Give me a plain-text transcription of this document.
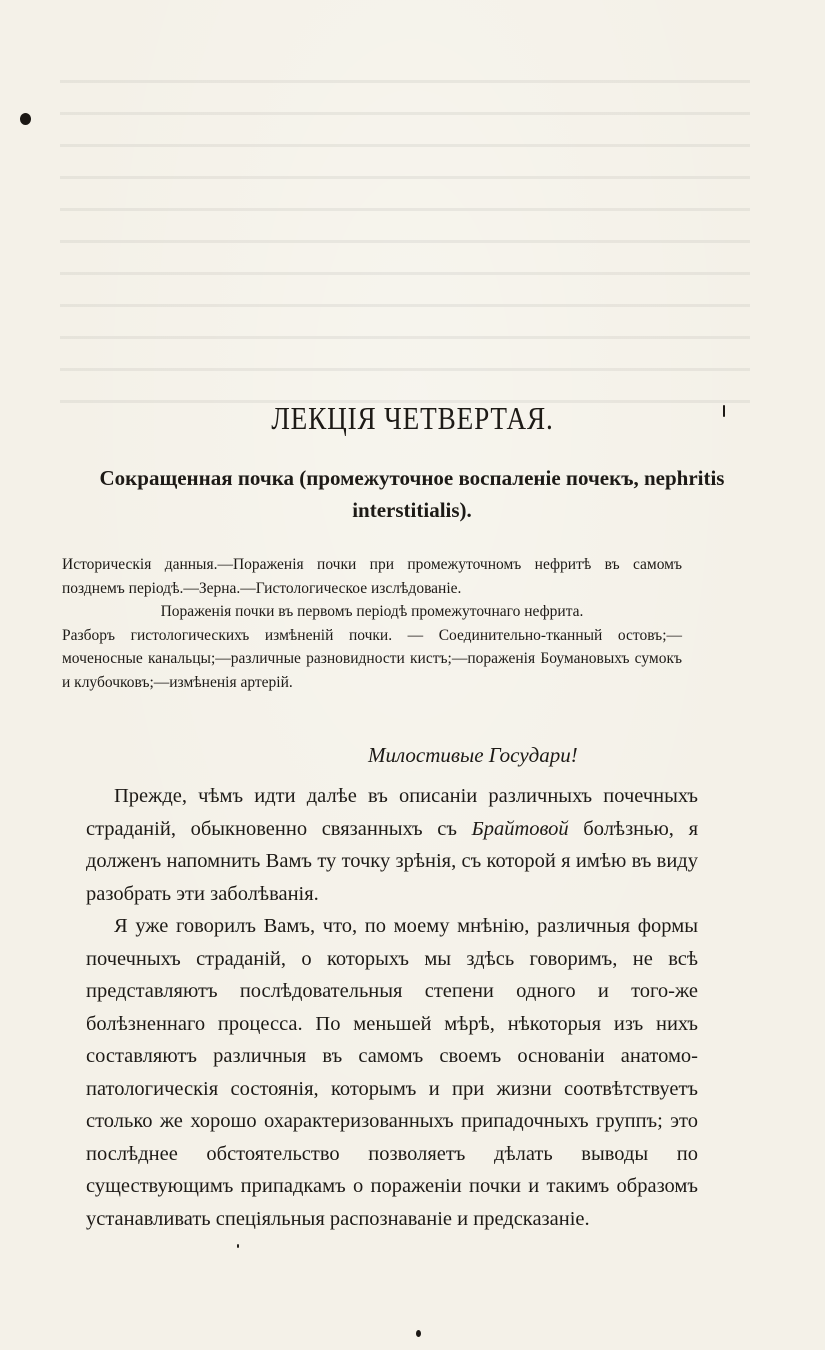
ЛЕКЦIЯ ЧЕТВЕРТАЯ.
Сокращенная почка (промежуточное воспаленіе почекъ, nephritis interstitialis).
Историческія данныя.—Пораженія почки при промежуточномъ нефритѣ въ самомъ позднемъ періодѣ.—Зерна.—Гистологическое изслѣдованіе.
Пораженія почки въ первомъ періодѣ промежуточнаго нефрита.
Разборъ гистологическихъ измѣненій почки. — Соединительно-тканный остовъ;—моченосные канальцы;—различные разновидности кистъ;—пораженія Боумановыхъ сумокъ и клубочковъ;—измѣненія артерій.
Милостивые Государи!

Прежде, чѣмъ идти далѣе въ описаніи различныхъ почечныхъ страданій, обыкновенно связанныхъ съ Брайтовой болѣзнью, я долженъ напомнить Вамъ ту точку зрѣнія, съ которой я имѣю въ виду разобрать эти заболѣванія.

Я уже говорилъ Вамъ, что, по моему мнѣнію, различныя формы почечныхъ страданій, о которыхъ мы здѣсь говоримъ, не всѣ представляютъ послѣдовательныя степени одного и того-же болѣзненнаго процесса. По меньшей мѣрѣ, нѣкоторыя изъ нихъ составляютъ различныя въ самомъ своемъ основаніи анатомо-патологическія состоянія, которымъ и при жизни соотвѣтствуетъ столько же хорошо охарактеризованныхъ припадочныхъ группъ; это послѣднее обстоятельство позволяетъ дѣлать выводы по существующимъ припадкамъ о пораженіи почки и такимъ образомъ устанавливать спеціяльныя распознаваніе и предсказаніе.
